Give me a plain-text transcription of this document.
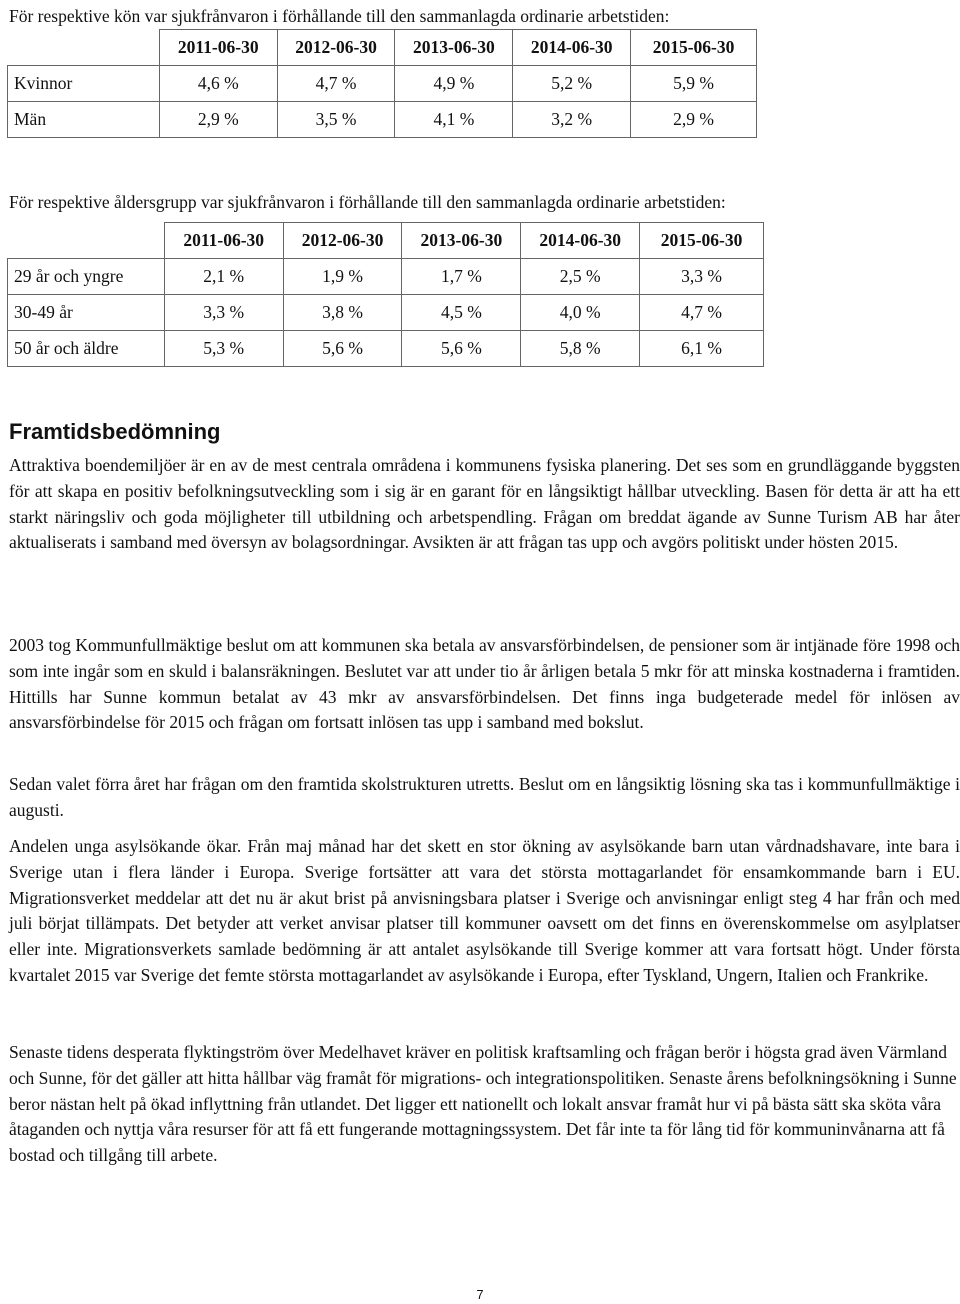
För respektive kön var sjukfrånvaron i förhållande till den sammanlagda ordinarie arbetstiden:

	2011-06-30	2012-06-30	2013-06-30	2014-06-30	2015-06-30
Kvinnor	4,6 %	4,7 %	4,9 %	5,2 %	5,9 %
Män	2,9 %	3,5 %	4,1 %	3,2 %	2,9 %

För respektive åldersgrupp var sjukfrånvaron i förhållande till den sammanlagda ordinarie arbetstiden:

	2011-06-30	2012-06-30	2013-06-30	2014-06-30	2015-06-30
29 år och yngre	2,1 %	1,9 %	1,7 %	2,5 %	3,3 %
30-49 år	3,3 %	3,8 %	4,5 %	4,0 %	4,7 %
50 år och äldre	5,3 %	5,6 %	5,6 %	5,8 %	6,1 %
Framtidsbedömning

Attraktiva boendemiljöer är en av de mest centrala områdena i kommunens fysiska planering. Det ses som en grundläggande byggsten för att skapa en positiv befolkningsutveckling som i sig är en garant för en långsiktigt hållbar utveckling. Basen för detta är att ha ett starkt näringsliv och goda möjligheter till utbildning och arbetspendling. Frågan om breddat ägande av Sunne Turism AB har åter aktualiserats i samband med översyn av bolagsordningar. Avsikten är att frågan tas upp och avgörs politiskt under hösten 2015.

2003 tog Kommunfullmäktige beslut om att kommunen ska betala av ansvarsförbindelsen, de pensioner som är intjänade före 1998 och som inte ingår som en skuld i balansräkningen. Beslutet var att under tio år årligen betala 5 mkr för att minska kostnaderna i framtiden. Hittills har Sunne kommun betalat av 43 mkr av ansvarsförbindelsen. Det finns inga budgeterade medel för inlösen av ansvarsförbindelse för 2015 och frågan om fortsatt inlösen tas upp i samband med bokslut.

Sedan valet förra året har frågan om den framtida skolstrukturen utretts. Beslut om en långsiktig lösning ska tas i kommunfullmäktige i augusti.

Andelen unga asylsökande ökar. Från maj månad har det skett en stor ökning av asylsökande barn utan vårdnadshavare, inte bara i Sverige utan i flera länder i Europa. Sverige fortsätter att vara det största mottagarlandet för ensamkommande barn i EU. Migrationsverket meddelar att det nu är akut brist på anvisningsbara platser i Sverige och anvisningar enligt steg 4 har från och med juli börjat tillämpats. Det betyder att verket anvisar platser till kommuner oavsett om det finns en överenskommelse om asylplatser eller inte. Migrationsverkets samlade bedömning är att antalet asylsökande till Sverige kommer att vara fortsatt högt. Under första kvartalet 2015 var Sverige det femte största mottagarlandet av asylsökande i Europa, efter Tyskland, Ungern, Italien och Frankrike.

Senaste tidens desperata flyktingström över Medelhavet kräver en politisk kraftsamling och frågan berör i högsta grad även Värmland och Sunne, för det gäller att hitta hållbar väg framåt för migrations- och integrationspolitiken. Senaste årens befolkningsökning i Sunne beror nästan helt på ökad inflyttning från utlandet. Det ligger ett nationellt och lokalt ansvar framåt hur vi på bästa sätt ska sköta våra åtaganden och nyttja våra resurser för att få ett fungerande mottagningssystem. Det får inte ta för lång tid för kommuninvånarna att få bostad och tillgång till arbete.

7
